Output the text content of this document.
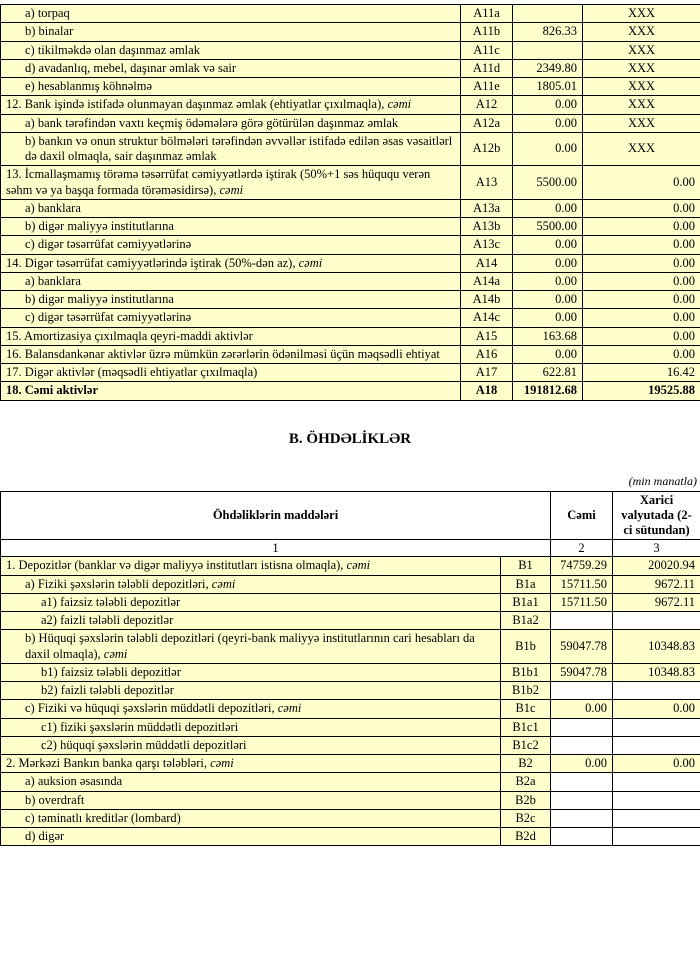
a) torpaq	A11a		XXX
b) binalar	A11b	826.33	XXX
c) tikilməkdə olan daşınmaz əmlak	A11c		XXX
d) avadanlıq, mebel, daşınar əmlak və sair	A11d	2349.80	XXX
e) hesablanmış köhnəlmə	A11e	1805.01	XXX
12. Bank işində istifadə olunmayan daşınmaz əmlak (ehtiyatlar çıxılmaqla), cəmi	A12	0.00	XXX
a) bank tərəfindən vaxtı keçmiş ödəmələrə görə götürülən daşınmaz əmlak	A12a	0.00	XXX
b) bankın və onun struktur bölmələri tərəfindən əvvəllər istifadə edilən əsas vəsaitlərl də daxil olmaqla, sair daşınmaz əmlak	A12b	0.00	XXX
13. İcmallaşmamış törəmə təsərrüfat cəmiyyətlərdə iştirak (50%+1 səs hüququ verən səhm və ya başqa formada törəməsidirsə), cəmi	A13	5500.00	0.00
a) banklara	A13a	0.00	0.00
b) digər maliyyə institutlarına	A13b	5500.00	0.00
c) digər təsərrüfat cəmiyyətlərinə	A13c	0.00	0.00
14. Digər təsərrüfat cəmiyyətlərində iştirak (50%-dən az), cəmi	A14	0.00	0.00
a) banklara	A14a	0.00	0.00
b) digər maliyyə institutlarına	A14b	0.00	0.00
c) digər təsərrüfat cəmiyyətlərinə	A14c	0.00	0.00
15. Amortizasiya çıxılmaqla qeyri-maddi aktivlər	A15	163.68	0.00
16. Balansdankənar aktivlər üzrə mümkün zərərlərin ödənilməsi üçün məqsədli ehtiyat	A16	0.00	0.00
17. Digər aktivlər (məqsədli ehtiyatlar çıxılmaqla)	A17	622.81	16.42
18. Cəmi aktivlər	A18	191812.68	19525.88
B. ÖHDƏLİKLƏR
(min manatla)
Öhdəliklərin maddələri		Cəmi	Xarici valyutada (2-ci sütundan)
1		2	3
1. Depozitlər (banklar və digər maliyyə institutları istisna olmaqla), cəmi	B1	74759.29	20020.94
a) Fiziki şəxslərin tələbli depozitləri, cəmi	B1a	15711.50	9672.11
a1) faizsiz tələbli depozitlər	B1a1	15711.50	9672.11
a2) faizli tələbli depozitlər	B1a2		
b) Hüquqi şəxslərin tələbli depozitləri (qeyri-bank maliyyə institutlarının cari hesabları da daxil olmaqla), cəmi	B1b	59047.78	10348.83
b1) faizsiz tələbli depozitlər	B1b1	59047.78	10348.83
b2) faizli tələbli depozitlər	B1b2		
c) Fiziki və hüquqi şəxslərin müddətli depozitləri, cəmi	B1c	0.00	0.00
c1) fiziki şəxslərin müddətli depozitləri	B1c1		
c2) hüquqi şəxslərin müddətli depozitləri	B1c2		
2. Mərkəzi Bankın banka qarşı tələbləri, cəmi	B2	0.00	0.00
a) auksion əsasında	B2a		
b) overdraft	B2b		
c) təminatlı kreditlər (lombard)	B2c		
d) digər	B2d		
